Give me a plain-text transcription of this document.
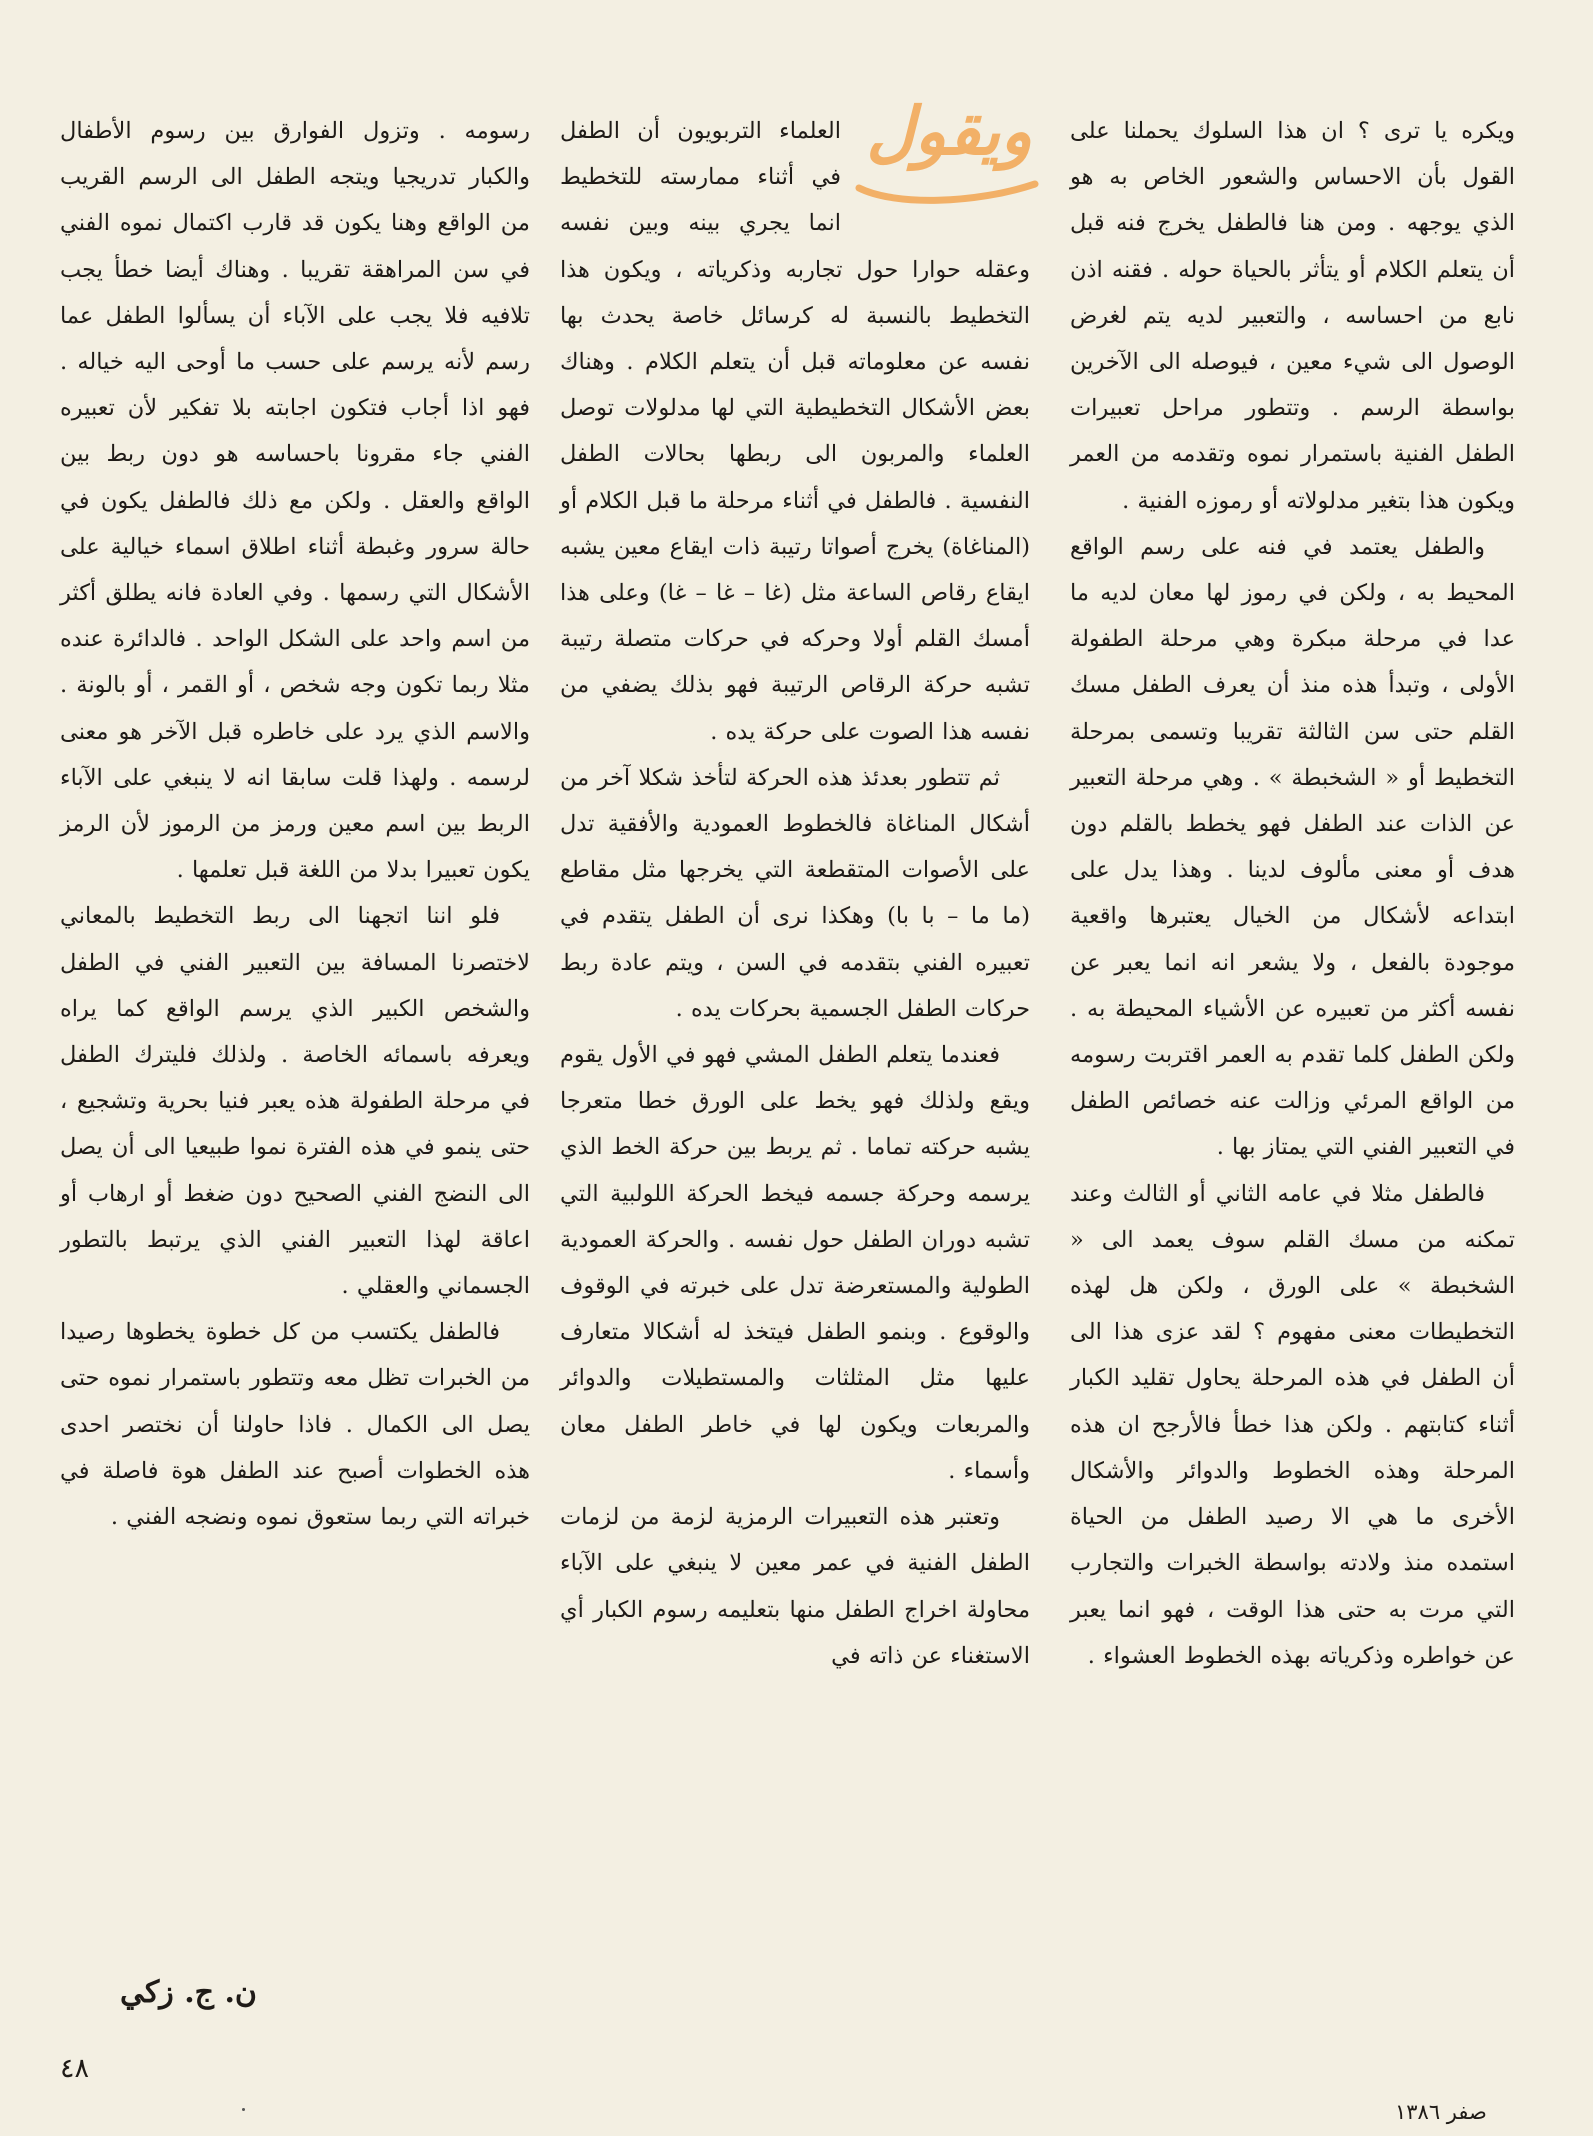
ويكره يا ترى ؟ ان هذا السلوك يحملنا على القول بأن الاحساس والشعور الخاص به هو الذي يوجهه . ومن هنا فالطفل يخرج فنه قبل أن يتعلم الكلام أو يتأثر بالحياة حوله . فقنه اذن نابع من احساسه ، والتعبير لديه يتم لغرض الوصول الى شيء معين ، فيوصله الى الآخرين بواسطة الرسم . وتتطور مراحل تعبيرات الطفل الفنية باستمرار نموه وتقدمه من العمر ويكون هذا بتغير مدلولاته أو رموزه الفنية .

والطفل يعتمد في فنه على رسم الواقع المحيط به ، ولكن في رموز لها معان لديه ما عدا في مرحلة مبكرة وهي مرحلة الطفولة الأولى ، وتبدأ هذه منذ أن يعرف الطفل مسك القلم حتى سن الثالثة تقريبا وتسمى بمرحلة التخطيط أو « الشخبطة » . وهي مرحلة التعبير عن الذات عند الطفل فهو يخطط بالقلم دون هدف أو معنى مألوف لدينا . وهذا يدل على ابتداعه لأشكال من الخيال يعتبرها واقعية موجودة بالفعل ، ولا يشعر انه انما يعبر عن نفسه أكثر من تعبيره عن الأشياء المحيطة به . ولكن الطفل كلما تقدم به العمر اقتربت رسومه من الواقع المرئي وزالت عنه خصائص الطفل في التعبير الفني التي يمتاز بها .

فالطفل مثلا في عامه الثاني أو الثالث وعند تمكنه من مسك القلم سوف يعمد الى « الشخبطة » على الورق ، ولكن هل لهذه التخطيطات معنى مفهوم ؟ لقد عزى هذا الى أن الطفل في هذه المرحلة يحاول تقليد الكبار أثناء كتابتهم . ولكن هذا خطأ فالأرجح ان هذه المرحلة وهذه الخطوط والدوائر والأشكال الأخرى ما هي الا رصيد الطفل من الحياة استمده منذ ولادته بواسطة الخبرات والتجارب التي مرت به حتى هذا الوقت ، فهو انما يعبر عن خواطره وذكرياته بهذه الخطوط العشواء .

ويقول

العلماء التربويون أن الطفل في أثناء ممارسته للتخطيط انما يجري بينه وبين نفسه وعقله حوارا حول تجاربه وذكرياته ، ويكون هذا التخطيط بالنسبة له كرسائل خاصة يحدث بها نفسه عن معلوماته قبل أن يتعلم الكلام . وهناك بعض الأشكال التخطيطية التي لها مدلولات توصل العلماء والمربون الى ربطها بحالات الطفل النفسية . فالطفل في أثناء مرحلة ما قبل الكلام أو (المناغاة) يخرج أصواتا رتيبة ذات ايقاع معين يشبه ايقاع رقاص الساعة مثل (غا – غا – غا) وعلى هذا أمسك القلم أولا وحركه في حركات متصلة رتيبة تشبه حركة الرقاص الرتيبة فهو بذلك يضفي من نفسه هذا الصوت على حركة يده .

ثم تتطور بعدئذ هذه الحركة لتأخذ شكلا آخر من أشكال المناغاة فالخطوط العمودية والأفقية تدل على الأصوات المتقطعة التي يخرجها مثل مقاطع (ما ما – با با) وهكذا نرى أن الطفل يتقدم في تعبيره الفني بتقدمه في السن ، ويتم عادة ربط حركات الطفل الجسمية بحركات يده .

فعندما يتعلم الطفل المشي فهو في الأول يقوم ويقع ولذلك فهو يخط على الورق خطا متعرجا يشبه حركته تماما . ثم يربط بين حركة الخط الذي يرسمه وحركة جسمه فيخط الحركة اللولبية التي تشبه دوران الطفل حول نفسه . والحركة العمودية الطولية والمستعرضة تدل على خبرته في الوقوف والوقوع . وبنمو الطفل فيتخذ له أشكالا متعارف عليها مثل المثلثات والمستطيلات والدوائر والمربعات ويكون لها في خاطر الطفل معان وأسماء .

وتعتبر هذه التعبيرات الرمزية لزمة من لزمات الطفل الفنية في عمر معين لا ينبغي على الآباء محاولة اخراج الطفل منها بتعليمه رسوم الكبار أي الاستغناء عن ذاته في

رسومه . وتزول الفوارق بين رسوم الأطفال والكبار تدريجيا ويتجه الطفل الى الرسم القريب من الواقع وهنا يكون قد قارب اكتمال نموه الفني في سن المراهقة تقريبا . وهناك أيضا خطأ يجب تلافيه فلا يجب على الآباء أن يسألوا الطفل عما رسم لأنه يرسم على حسب ما أوحى اليه خياله . فهو اذا أجاب فتكون اجابته بلا تفكير لأن تعبيره الفني جاء مقرونا باحساسه هو دون ربط بين الواقع والعقل . ولكن مع ذلك فالطفل يكون في حالة سرور وغبطة أثناء اطلاق اسماء خيالية على الأشكال التي رسمها . وفي العادة فانه يطلق أكثر من اسم واحد على الشكل الواحد . فالدائرة عنده مثلا ربما تكون وجه شخص ، أو القمر ، أو بالونة . والاسم الذي يرد على خاطره قبل الآخر هو معنى لرسمه . ولهذا قلت سابقا انه لا ينبغي على الآباء الربط بين اسم معين ورمز من الرموز لأن الرمز يكون تعبيرا بدلا من اللغة قبل تعلمها .

فلو اننا اتجهنا الى ربط التخطيط بالمعاني لاختصرنا المسافة بين التعبير الفني في الطفل والشخص الكبير الذي يرسم الواقع كما يراه ويعرفه باسمائه الخاصة . ولذلك فليترك الطفل في مرحلة الطفولة هذه يعبر فنيا بحرية وتشجيع ، حتى ينمو في هذه الفترة نموا طبيعيا الى أن يصل الى النضج الفني الصحيح دون ضغط أو ارهاب أو اعاقة لهذا التعبير الفني الذي يرتبط بالتطور الجسماني والعقلي .

فالطفل يكتسب من كل خطوة يخطوها رصيدا من الخبرات تظل معه وتتطور باستمرار نموه حتى يصل الى الكمال . فاذا حاولنا أن نختصر احدى هذه الخطوات أصبح عند الطفل هوة فاصلة في خبراته التي ربما ستعوق نموه ونضجه الفني .

ن. ج. زكي
٤٨
صفر ١٣٨٦
